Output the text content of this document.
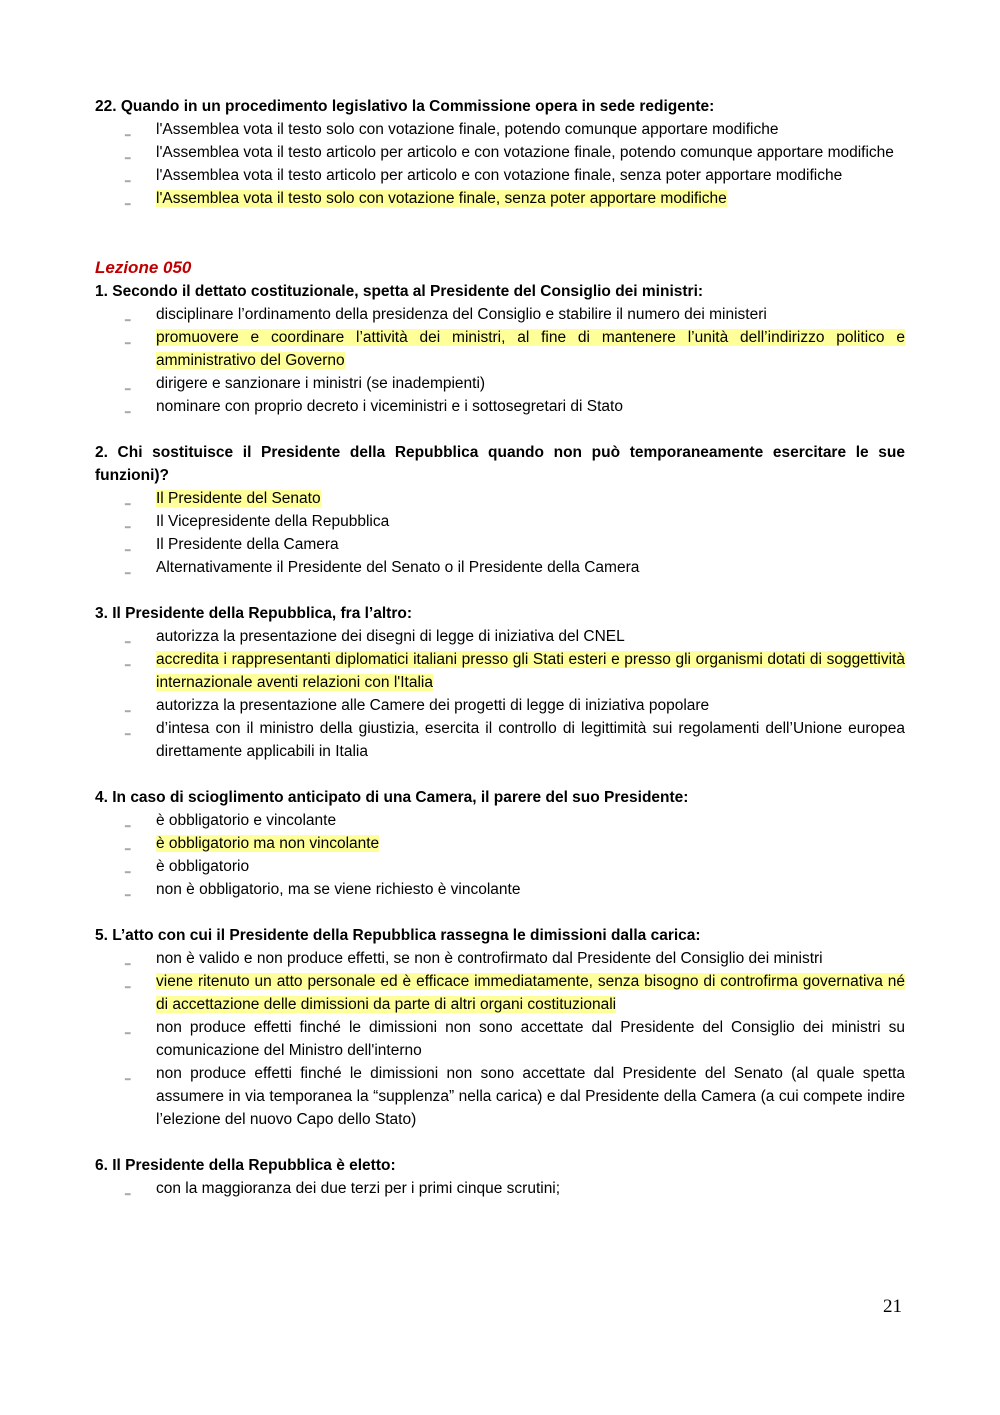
22. Quando in un procedimento legislativo la Commissione opera in sede redigente:

‗ l'Assemblea vota il testo solo con votazione finale, potendo comunque apportare modifiche
‗ l'Assemblea vota il testo articolo per articolo e con votazione finale, potendo comunque apportare modifiche
‗ l'Assemblea vota il testo articolo per articolo e con votazione finale, senza poter apportare modifiche
‗ l'Assemblea vota il testo solo con votazione finale, senza poter apportare modifiche

Lezione 050

1. Secondo il dettato costituzionale, spetta al Presidente del Consiglio dei ministri:

‗ disciplinare l’ordinamento della presidenza del Consiglio e stabilire il numero dei ministeri
‗ promuovere e coordinare l’attività dei ministri, al fine di mantenere l’unità dell’indirizzo politico e amministrativo del Governo
‗ dirigere e sanzionare i ministri (se inadempienti)
‗ nominare con proprio decreto i viceministri e i sottosegretari di Stato

2. Chi sostituisce il Presidente della Repubblica quando non può temporaneamente esercitare le sue funzioni)?

‗ Il Presidente del Senato
‗ Il Vicepresidente della Repubblica
‗ Il Presidente della Camera
‗ Alternativamente il Presidente del Senato o il Presidente della Camera

3. Il Presidente della Repubblica, fra l’altro:

‗ autorizza la presentazione dei disegni di legge di iniziativa del CNEL
‗ accredita i rappresentanti diplomatici italiani presso gli Stati esteri e presso gli organismi dotati di soggettività internazionale aventi relazioni con l'Italia
‗ autorizza la presentazione alle Camere dei progetti di legge di iniziativa popolare
‗ d’intesa con il ministro della giustizia, esercita il controllo di legittimità sui regolamenti dell’Unione europea direttamente applicabili in Italia

4. In caso di scioglimento anticipato di una Camera, il parere del suo Presidente:

‗ è obbligatorio e vincolante
‗ è obbligatorio ma non vincolante
‗ è obbligatorio
‗ non è obbligatorio, ma se viene richiesto è vincolante

5. L’atto con cui il Presidente della Repubblica rassegna le dimissioni dalla carica:

‗ non è valido e non produce effetti, se non è controfirmato dal Presidente del Consiglio dei ministri
‗ viene ritenuto un atto personale ed è efficace immediatamente, senza bisogno di controfirma governativa né di accettazione delle dimissioni da parte di altri organi costituzionali
‗ non produce effetti finché le dimissioni non sono accettate dal Presidente del Consiglio dei ministri su comunicazione del Ministro dell'interno
‗ non produce effetti finché le dimissioni non sono accettate dal Presidente del Senato (al quale spetta assumere in via temporanea la “supplenza” nella carica) e dal Presidente della Camera (a cui compete indire l’elezione del nuovo Capo dello Stato)

6. Il Presidente della Repubblica è eletto:

‗ con la maggioranza dei due terzi per i primi cinque scrutini;
21
